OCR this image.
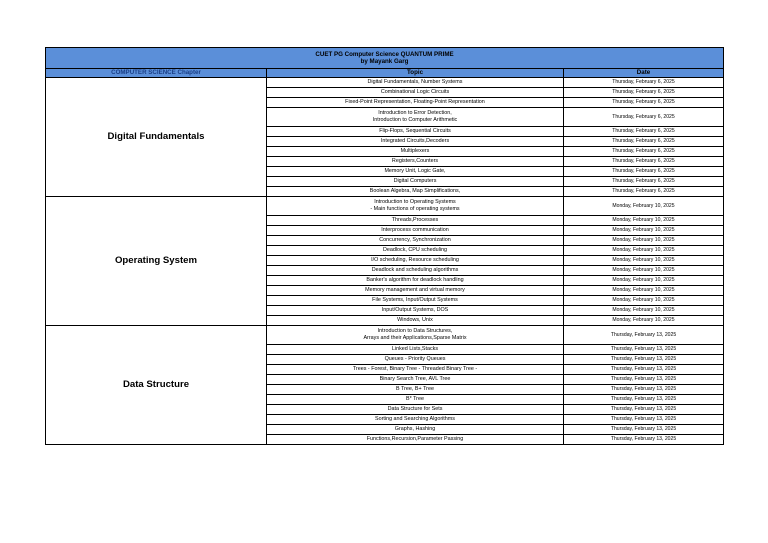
CUET PG Computer Science QUANTUM PRIME
by Mayank Garg		

COMPUTER SCIENCE Chapter	Topic	Date
Digital Fundamentals	Digital Fundamentals, Number Systems	Thursday, February 6, 2025

	Combinational Logic Circuits	Thursday, February 6, 2025

	Fixed-Point Representation, Floating-Point Representation	Thursday, February 6, 2025

	Introduction to Error Detection,
Introduction to Computer Arithmetic	Thursday, February 6, 2025

	Flip-Flops, Sequential Circuits	Thursday, February 6, 2025

	Integrated Circuits,Decoders	Thursday, February 6, 2025

	Multiplexers	Thursday, February 6, 2025

	Registers,Counters	Thursday, February 6, 2025

	Memory Unit, Logic Gate,	Thursday, February 6, 2025

	Digital Computers	Thursday, February 6, 2025

	Boolean Algebra, Map Simplifications,	Thursday, February 6, 2025
Operating System	Introduction to Operating Systems
- Main functions of operating systems	Monday, February 10, 2025

	Threads,Processes	Monday, February 10, 2025

	Interprocess communication	Monday, February 10, 2025

	Concurrency, Synchronization	Monday, February 10, 2025

	Deadlock, CPU scheduling	Monday, February 10, 2025

	I/O scheduling, Resource scheduling	Monday, February 10, 2025

	Deadlock and scheduling algorithms	Monday, February 10, 2025

	Banker's algorithm for deadlock handling	Monday, February 10, 2025

	Memory management and virtual memory	Monday, February 10, 2025

	File Systems, Input/Output Systems	Monday, February 10, 2025

	Input/Output Systems, DOS	Monday, February 10, 2025

	Windows, Unix	Monday, February 10, 2025
Data Structure	Introduction to Data Structures,
Arrays and their Applications,Sparse Matrix	Thursday, February 13, 2025

	Linked Lists,Stacks	Thursday, February 13, 2025

	Queues - Priority Queues	Thursday, February 13, 2025

	Trees - Forest, Binary Tree - Threaded Binary Tree -	Thursday, February 13, 2025

	Binary Search Tree, AVL Tree	Thursday, February 13, 2025

	B Tree, B+ Tree	Thursday, February 13, 2025

	B* Tree	Thursday, February 13, 2025

	Data Structure for Sets	Thursday, February 13, 2025

	Sorting and Searching Algorithms	Thursday, February 13, 2025

	Graphs, Hashing	Thursday, February 13, 2025

	Functions,Recursion,Parameter Passing	Thursday, February 13, 2025
